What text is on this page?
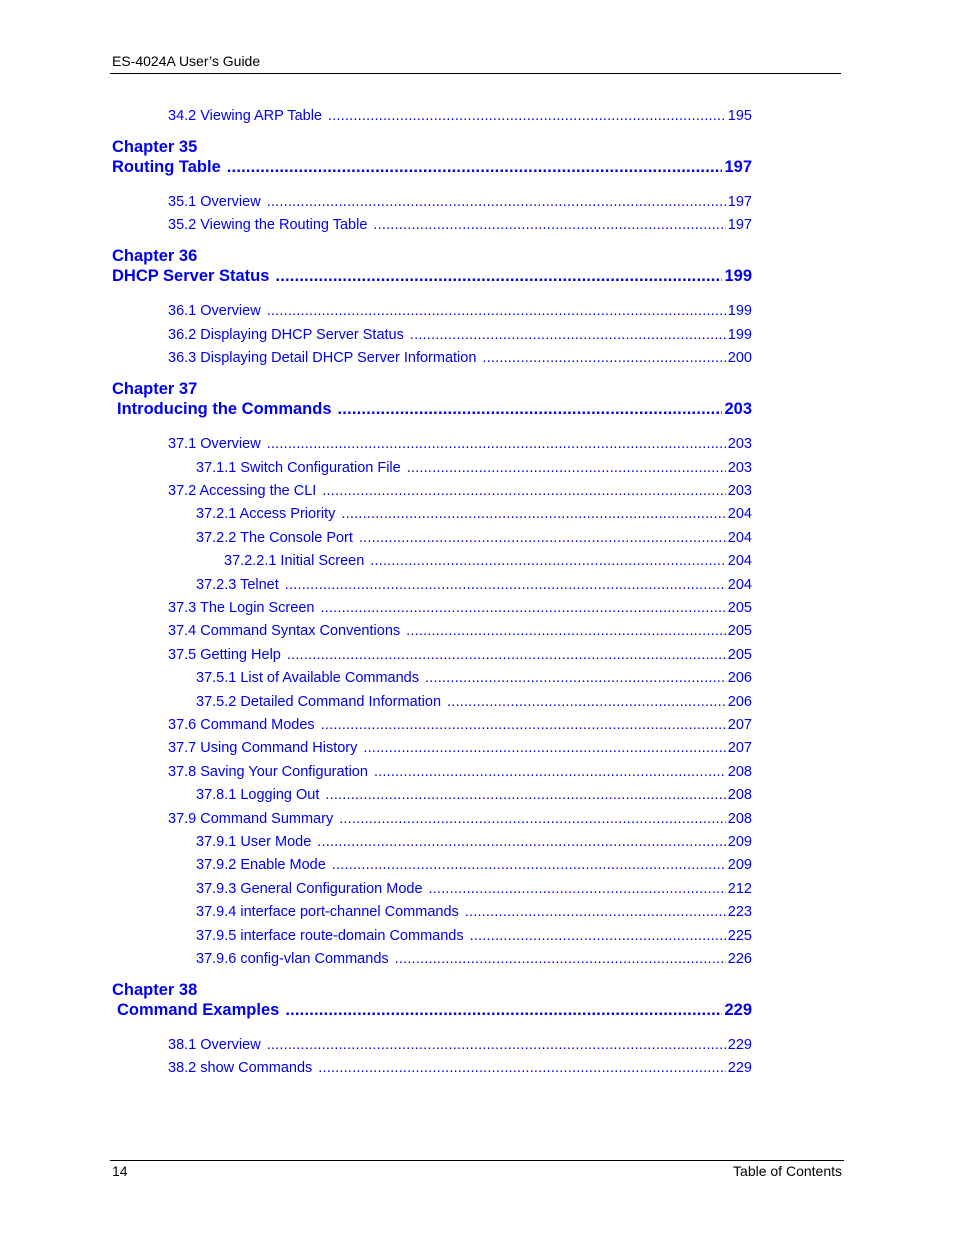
ES-4024A User’s Guide
34.2 Viewing ARP Table .....	195
Chapter 35
Routing Table .....	197
35.1 Overview .....	197
35.2 Viewing the Routing Table .....	197
Chapter 36
DHCP Server Status .....	199
36.1 Overview .....	199
36.2 Displaying DHCP Server Status .....	199
36.3 Displaying Detail DHCP Server Information .....	200
Chapter 37
Introducing the Commands .....	203
37.1 Overview .....	203
37.1.1 Switch Configuration File .....	203
37.2 Accessing the CLI .....	203
37.2.1 Access Priority .....	204
37.2.2 The Console Port .....	204
37.2.2.1 Initial Screen .....	204
37.2.3 Telnet .....	204
37.3 The Login Screen .....	205
37.4 Command Syntax Conventions .....	205
37.5 Getting Help .....	205
37.5.1 List of Available Commands .....	206
37.5.2 Detailed Command Information .....	206
37.6 Command Modes .....	207
37.7 Using Command History .....	207
37.8 Saving Your Configuration .....	208
37.8.1 Logging Out .....	208
37.9 Command Summary .....	208
37.9.1 User Mode .....	209
37.9.2 Enable Mode .....	209
37.9.3 General Configuration Mode .....	212
37.9.4 interface port-channel Commands .....	223
37.9.5 interface route-domain Commands .....	225
37.9.6 config-vlan Commands .....	226
Chapter 38
Command Examples .....	229
38.1 Overview .....	229
38.2 show Commands .....	229
14	Table of Contents
